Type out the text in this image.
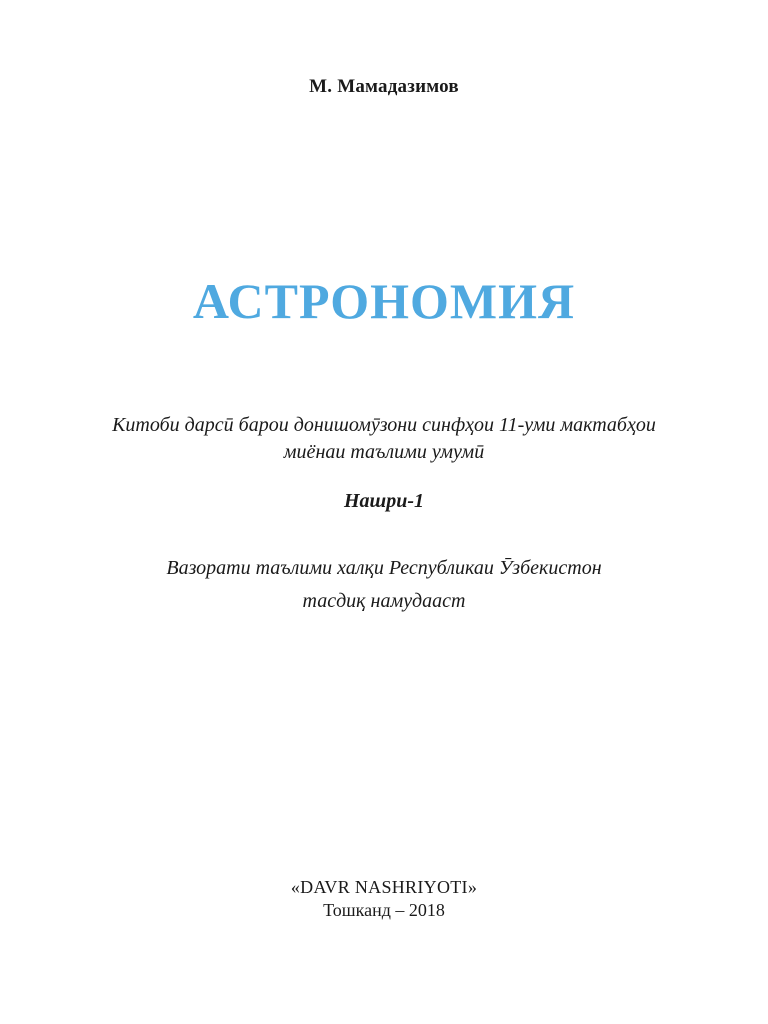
М. Мамадазимов

АСТРОНОМИЯ

Китоби дарсӣ барои донишомӯзони синфҳои 11-уми мактабҳои

миёнаи таълими умумӣ

Нашри-1

Вазорати таълими халқи Республикаи Ӯзбекистон

тасдиқ намудааст

«DAVR NASHRIYOTI»

Тошканд – 2018
